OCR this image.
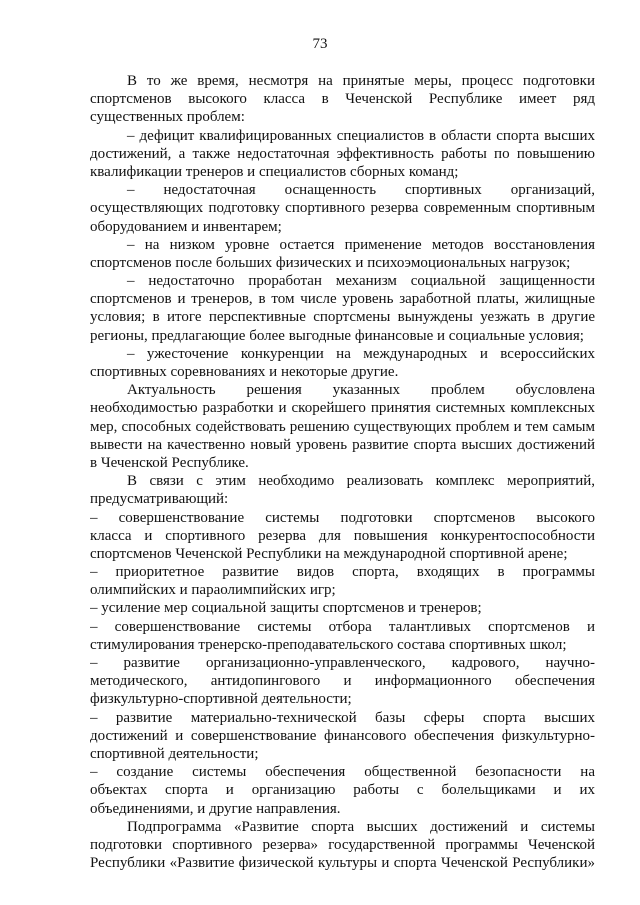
73
В то же время, несмотря на принятые меры, процесс подготовки
спортсменов высокого класса в Чеченской Республике имеет ряд
существенных проблем:
– дефицит квалифицированных специалистов в области спорта высших
достижений, а также недостаточная эффективность работы по повышению
квалификации тренеров и специалистов сборных команд;
– недостаточная оснащенность спортивных организаций,
осуществляющих подготовку спортивного резерва современным спортивным
оборудованием и инвентарем;
– на низком уровне остается применение методов восстановления
спортсменов после больших физических и психоэмоциональных нагрузок;
– недостаточно проработан механизм социальной защищенности
спортсменов и тренеров, в том числе уровень заработной платы, жилищные
условия; в итоге перспективные спортсмены вынуждены уезжать в другие
регионы, предлагающие более выгодные финансовые и социальные условия;
– ужесточение конкуренции на международных и всероссийских
спортивных соревнованиях и некоторые другие.
Актуальность решения указанных проблем обусловлена
необходимостью разработки и скорейшего принятия системных комплексных
мер, способных содействовать решению существующих проблем и тем самым
вывести на качественно новый уровень развитие спорта высших достижений
в Чеченской Республике.
В связи с этим необходимо реализовать комплекс мероприятий,
предусматривающий:
– совершенствование системы подготовки спортсменов высокого
класса и спортивного резерва для повышения конкурентоспособности
спортсменов Чеченской Республики на международной спортивной арене;
– приоритетное развитие видов спорта, входящих в программы
олимпийских и параолимпийских игр;
– усиление мер социальной защиты спортсменов и тренеров;
– совершенствование системы отбора талантливых спортсменов и
стимулирования тренерско-преподавательского состава спортивных школ;
– развитие организационно-управленческого, кадрового, научно-
методического, антидопингового и информационного обеспечения
физкультурно-спортивной деятельности;
– развитие материально-технической базы сферы спорта высших
достижений и совершенствование финансового обеспечения физкультурно-
спортивной деятельности;
– создание системы обеспечения общественной безопасности на
объектах спорта и организацию работы с болельщиками и их
объединениями, и другие направления.
Подпрограмма «Развитие спорта высших достижений и системы
подготовки спортивного резерва» государственной программы Чеченской
Республики «Развитие физической культуры и спорта Чеченской Республики»
